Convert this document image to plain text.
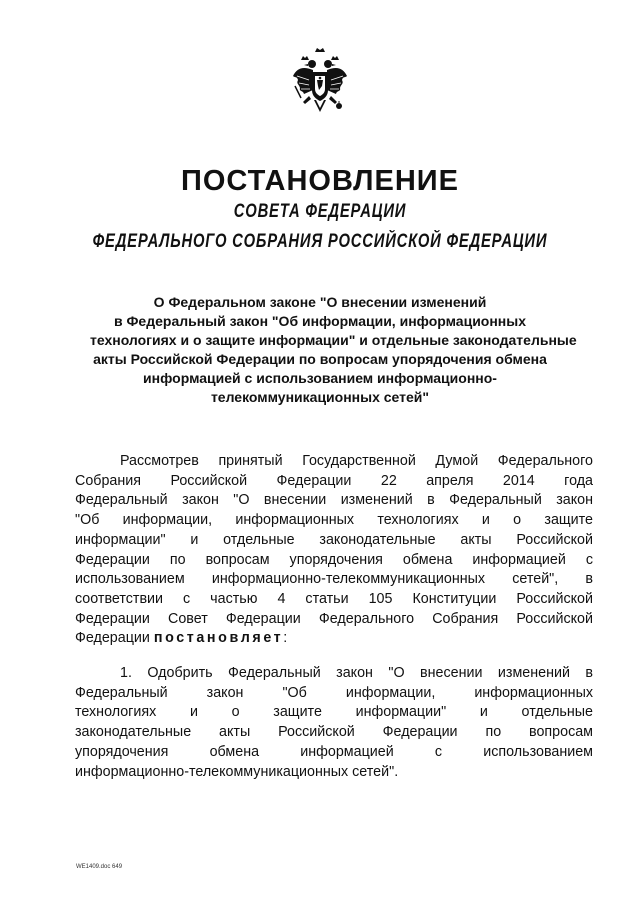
ПОСТАНОВЛЕНИЕ
СОВЕТА ФЕДЕРАЦИИ
ФЕДЕРАЛЬНОГО СОБРАНИЯ РОССИЙСКОЙ ФЕДЕРАЦИИ
О Федеральном законе "О внесении изменений
в Федеральный закон "Об информации, информационных
технологиях и о защите информации" и отдельные законодательные
акты Российской Федерации по вопросам упорядочения обмена
информацией с использованием информационно-
телекоммуникационных сетей"
Рассмотрев принятый Государственной Думой Федерального
Собрания Российской Федерации 22 апреля 2014 года
Федеральный закон "О внесении изменений в Федеральный закон
"Об информации, информационных технологиях и о защите
информации" и отдельные законодательные акты Российской
Федерации по вопросам упорядочения обмена информацией с
использованием информационно-телекоммуникационных сетей", в
соответствии с частью 4 статьи 105 Конституции Российской
Федерации Совет Федерации Федерального Собрания Российской
Федерации постановляет:
1. Одобрить Федеральный закон "О внесении изменений в
Федеральный закон "Об информации, информационных
технологиях и о защите информации" и отдельные
законодательные акты Российской Федерации по вопросам
упорядочения обмена информацией с использованием
информационно-телекоммуникационных сетей".
WE1409.doc 649
